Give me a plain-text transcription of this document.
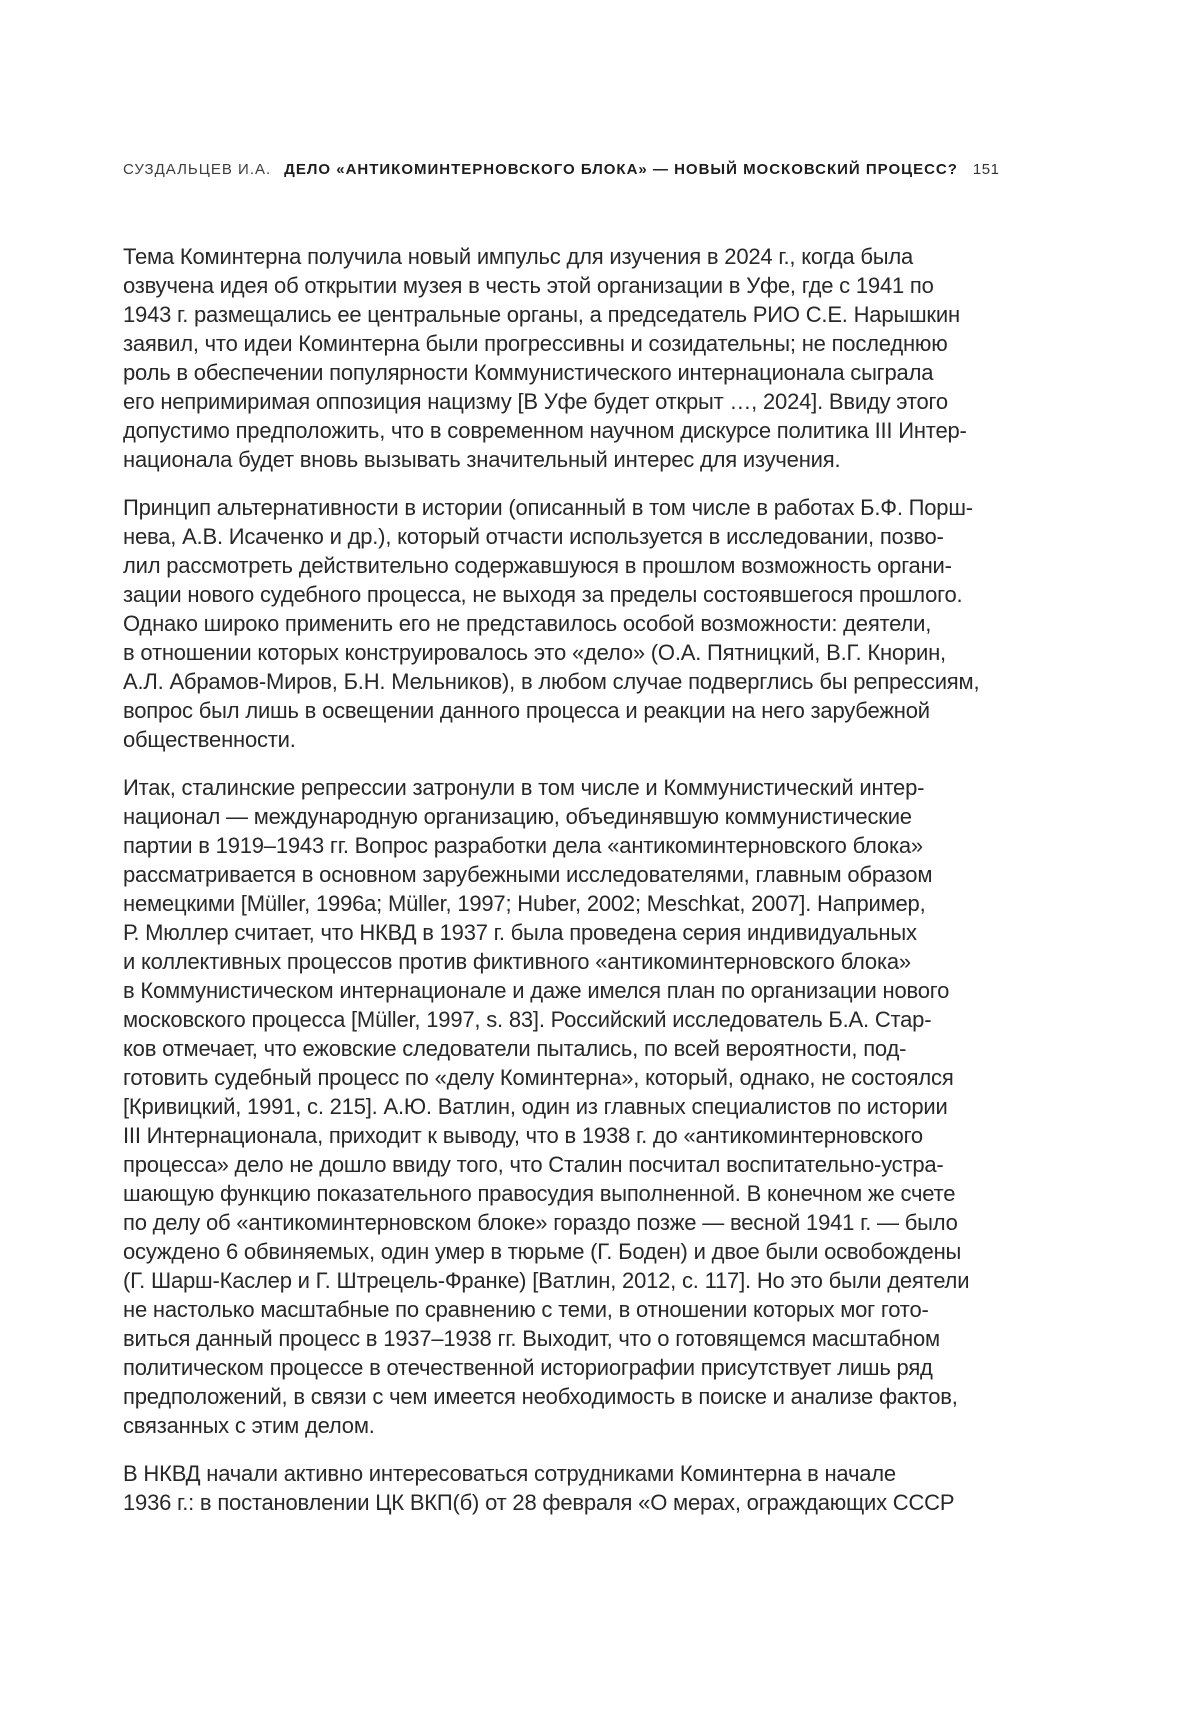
СУЗДАЛЬЦЕВ И.А. ДЕЛО «АНТИКОМИНТЕРНОВСКОГО БЛОКА» — НОВЫЙ МОСКОВСКИЙ ПРОЦЕСС? 151

Тема Коминтерна получила новый импульс для изучения в 2024 г., когда была
озвучена идея об открытии музея в честь этой организации в Уфе, где с 1941 по
1943 г. размещались ее центральные органы, а председатель РИО С.Е. Нарышкин
заявил, что идеи Коминтерна были прогрессивны и созидательны; не последнюю
роль в обеспечении популярности Коммунистического интернационала сыграла
его непримиримая оппозиция нацизму [В Уфе будет открыт …, 2024]. Ввиду этого
допустимо предположить, что в современном научном дискурсе политика III Интер-
национала будет вновь вызывать значительный интерес для изучения.

Принцип альтернативности в истории (описанный в том числе в работах Б.Ф. Порш-
нева, А.В. Исаченко и др.), который отчасти используется в исследовании, позво-
лил рассмотреть действительно содержавшуюся в прошлом возможность органи-
зации нового судебного процесса, не выходя за пределы состоявшегося прошлого.
Однако широко применить его не представилось особой возможности: деятели,
в отношении которых конструировалось это «дело» (О.А. Пятницкий, В.Г. Кнорин,
А.Л. Абрамов-Миров, Б.Н. Мельников), в любом случае подверглись бы репрессиям,
вопрос был лишь в освещении данного процесса и реакции на него зарубежной
общественности.

Итак, сталинские репрессии затронули в том числе и Коммунистический интер-
национал — международную организацию, объединявшую коммунистические
партии в 1919–1943 гг. Вопрос разработки дела «антикоминтерновского блока»
рассматривается в основном зарубежными исследователями, главным образом
немецкими [Müller, 1996a; Müller, 1997; Huber, 2002; Meschkat, 2007]. Например,
Р. Мюллер считает, что НКВД в 1937 г. была проведена серия индивидуальных
и коллективных процессов против фиктивного «антикоминтерновского блока»
в Коммунистическом интернационале и даже имелся план по организации нового
московского процесса [Müller, 1997, s. 83]. Российский исследователь Б.А. Стар-
ков отмечает, что ежовские следователи пытались, по всей вероятности, под-
готовить судебный процесс по «делу Коминтерна», который, однако, не состоялся
[Кривицкий, 1991, с. 215]. А.Ю. Ватлин, один из главных специалистов по истории
III Интернационала, приходит к выводу, что в 1938 г. до «антикоминтерновского
процесса» дело не дошло ввиду того, что Сталин посчитал воспитательно-устра-
шающую функцию показательного правосудия выполненной. В конечном же счете
по делу об «антикоминтерновском блоке» гораздо позже — весной 1941 г. — было
осуждено 6 обвиняемых, один умер в тюрьме (Г. Боден) и двое были освобождены
(Г. Шарш-Каслер и Г. Штрецель-Франке) [Ватлин, 2012, с. 117]. Но это были деятели
не настолько масштабные по сравнению с теми, в отношении которых мог гото-
виться данный процесс в 1937–1938 гг. Выходит, что о готовящемся масштабном
политическом процессе в отечественной историографии присутствует лишь ряд
предположений, в связи с чем имеется необходимость в поиске и анализе фактов,
связанных с этим делом.

В НКВД начали активно интересоваться сотрудниками Коминтерна в начале
1936 г.: в постановлении ЦК ВКП(б) от 28 февраля «О мерах, ограждающих СССР
